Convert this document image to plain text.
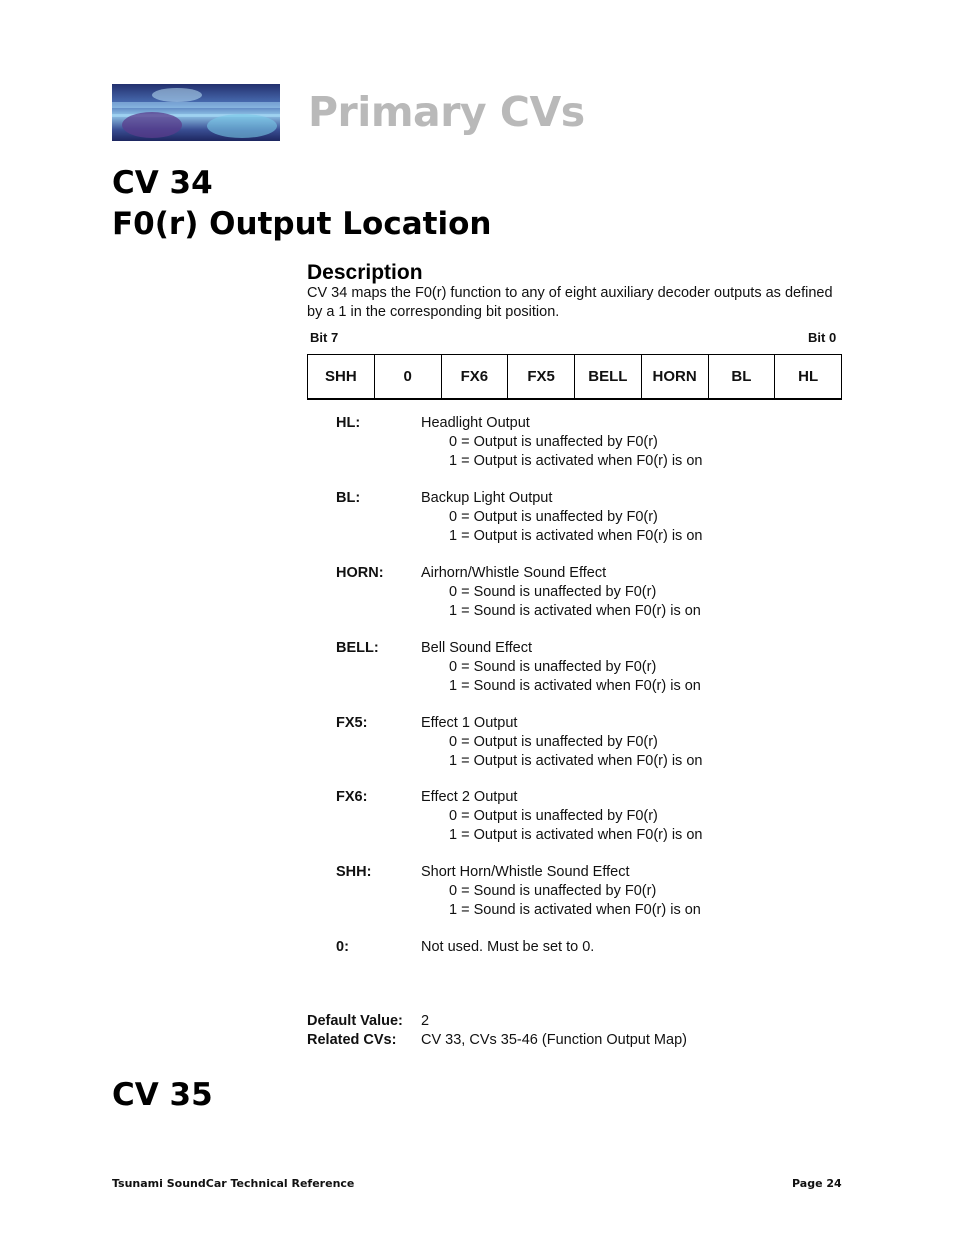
Primary CVs
CV 34
F0(r) Output Location
Description
CV 34 maps the F0(r) function to any of eight auxiliary decoder outputs as defined by a 1 in the corresponding bit position.
Bit 7	Bit 0
SHH	0	FX6	FX5	BELL	HORN	BL	HL
HL:	Headlight Output
0 = Output is unaffected by F0(r)
1 = Output is activated when F0(r) is on
BL:	Backup Light Output
0 = Output is unaffected by F0(r)
1 = Output is activated when F0(r) is on
HORN:	Airhorn/Whistle Sound Effect
0 = Sound is unaffected by F0(r)
1 = Sound is activated when F0(r) is on
BELL:	Bell Sound Effect
0 = Sound is unaffected by F0(r)
1 = Sound is activated when F0(r) is on
FX5:	Effect 1 Output
0 = Output is unaffected by F0(r)
1 = Output is activated when F0(r) is on
FX6:	Effect 2 Output
0 = Output is unaffected by F0(r)
1 = Output is activated when F0(r) is on
SHH:	Short Horn/Whistle Sound Effect
0 = Sound is unaffected by F0(r)
1 = Sound is activated when F0(r) is on
0:	Not used. Must be set to 0.
Default Value: 2
Related CVs: CV 33, CVs 35-46 (Function Output Map)
CV 35
Tsunami SoundCar Technical Reference	Page 24
